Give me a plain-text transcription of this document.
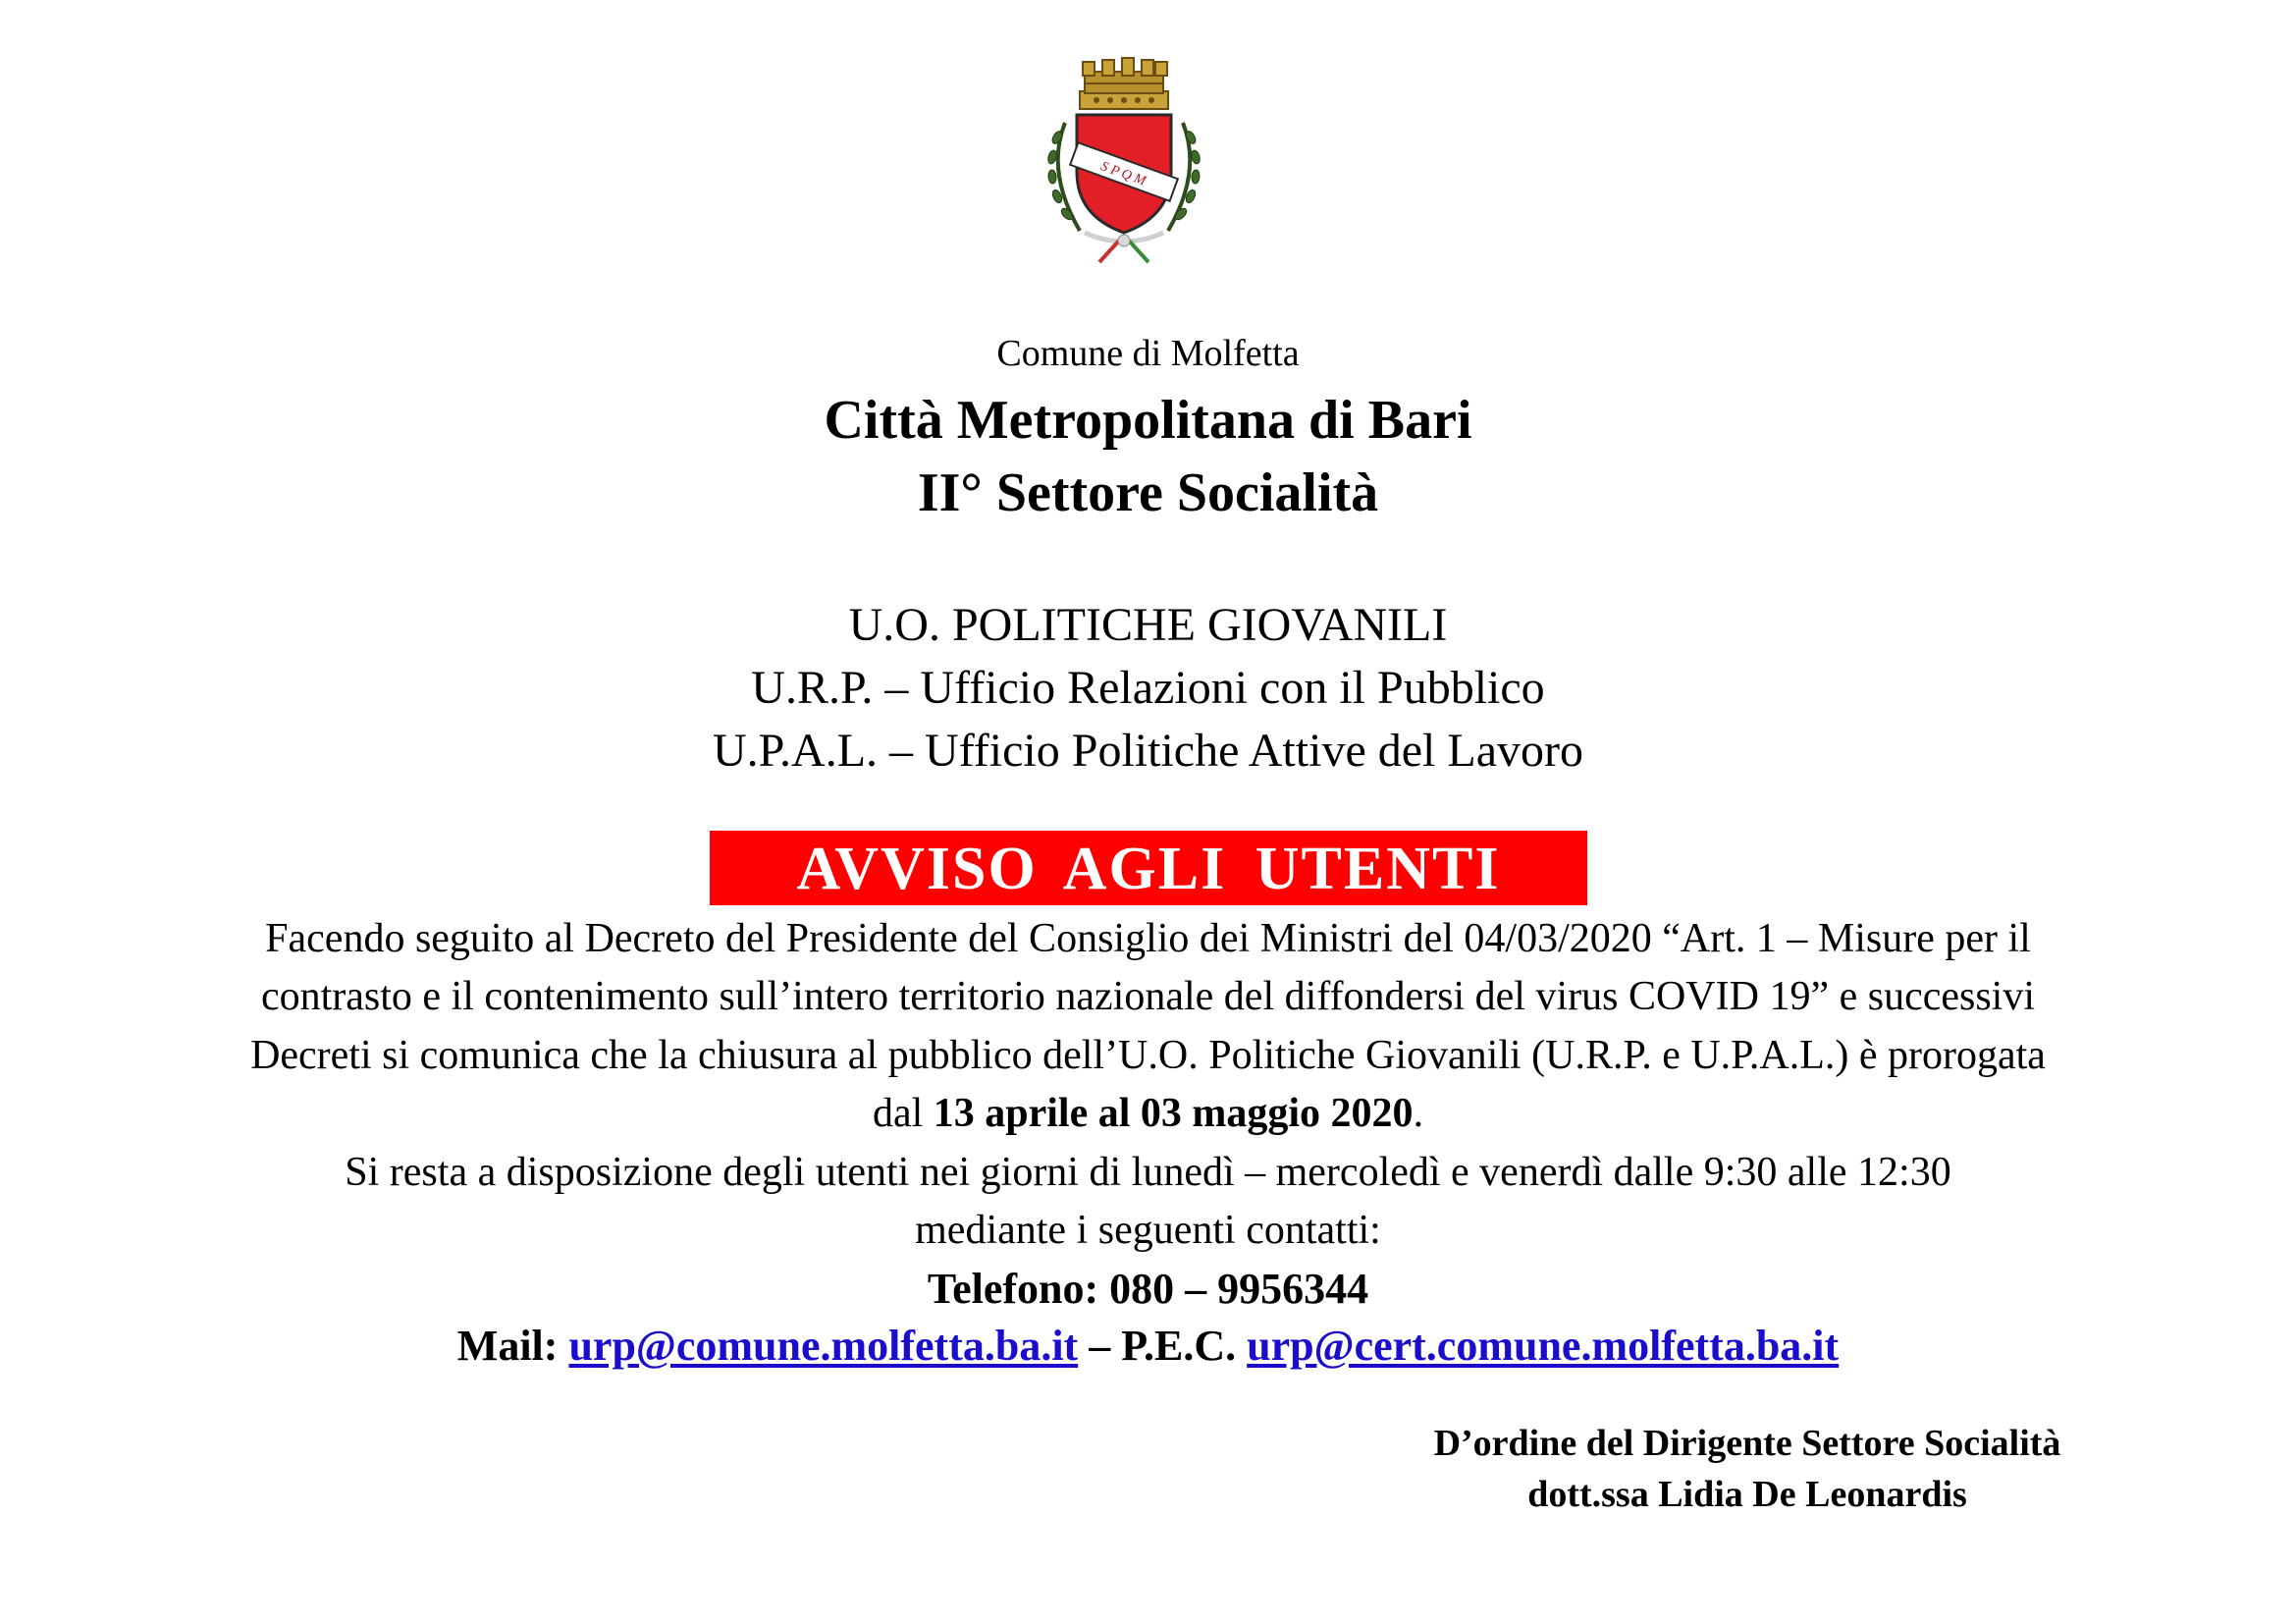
S P Q M
Comune di Molfetta
Città Metropolitana di Bari
II° Settore Socialità
U.O. POLITICHE GIOVANILI
U.R.P. – Ufficio Relazioni con il Pubblico
U.P.A.L. – Ufficio Politiche Attive del Lavoro
AVVISO AGLI UTENTI
Facendo seguito al Decreto del Presidente del Consiglio dei Ministri del 04/03/2020 “Art. 1 – Misure per il
contrasto e il contenimento sull’intero territorio nazionale del diffondersi del virus COVID 19” e successivi
Decreti si comunica che la chiusura al pubblico dell’U.O. Politiche Giovanili (U.R.P. e U.P.A.L.) è prorogata
dal 13 aprile al 03 maggio 2020.
Si resta a disposizione degli utenti nei giorni di lunedì – mercoledì e venerdì dalle 9:30 alle 12:30
mediante i seguenti contatti:
Telefono: 080 – 9956344
Mail: urp@comune.molfetta.ba.it – P.E.C. urp@cert.comune.molfetta.ba.it
D’ordine del Dirigente Settore Socialità
dott.ssa Lidia De Leonardis
